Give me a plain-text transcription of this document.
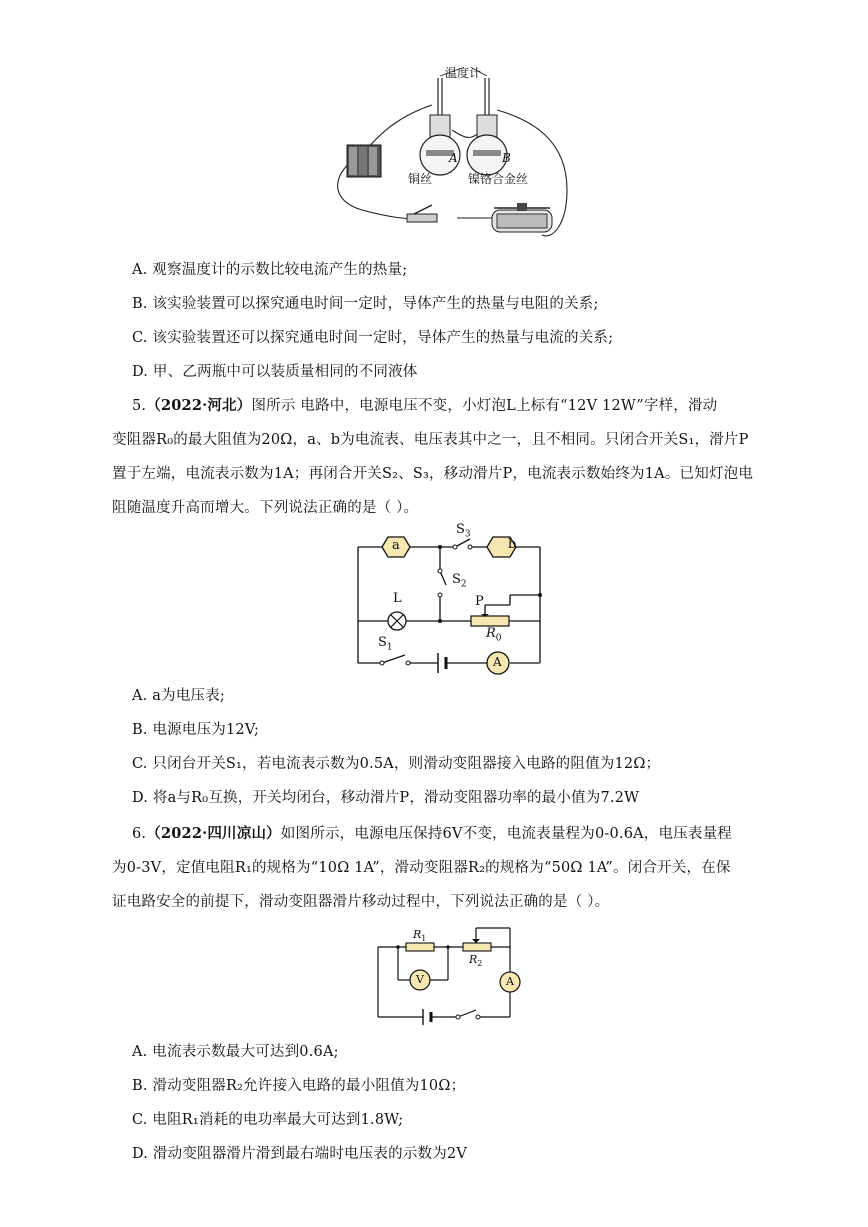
温度计
A	B
铜丝	镍铬合金丝
A. 观察温度计的示数比较电流产生的热量;
B. 该实验装置可以探究通电时间一定时，导体产生的热量与电阻的关系;
C. 该实验装置还可以探究通电时间一定时，导体产生的热量与电流的关系;
D. 甲、乙两瓶中可以装质量相同的不同液体
5.（2022·河北）图所示 电路中，电源电压不变，小灯泡L上标有“12V 12W”字样，滑动
变阻器R₀的最大阻值为20Ω，a、b为电流表、电压表其中之一，且不相同。只闭合开关S₁，滑片P
置于左端，电流表示数为1A；再闭合开关S₂、S₃，移动滑片P，电流表示数始终为1A。已知灯泡电
阻随温度升高而增大。下列说法正确的是（ ）。
a	b
A
L	P
$R_0$
$S_3$
$S_2$
$S_1$
A. a为电压表;
B. 电源电压为12V;
C. 只闭台开关S₁，若电流表示数为0.5A，则滑动变阻器接入电路的阻值为12Ω；
D. 将a与R₀互换，开关均闭台，移动滑片P，滑动变阻器功率的最小值为7.2W
6.（2022·四川凉山）如图所示，电源电压保持6V不变，电流表量程为0-0.6A，电压表量程
为0-3V，定值电阻R₁的规格为“10Ω 1A”，滑动变阻器R₂的规格为“50Ω 1A”。闭合开关，在保
证电路安全的前提下，滑动变阻器滑片移动过程中，下列说法正确的是（ ）。
$R_1$
$R_2$
V	A
A. 电流表示数最大可达到0.6A;
B. 滑动变阻器R₂允许接入电路的最小阻值为10Ω；
C. 电阻R₁消耗的电功率最大可达到1.8W;
D. 滑动变阻器滑片滑到最右端时电压表的示数为2V
